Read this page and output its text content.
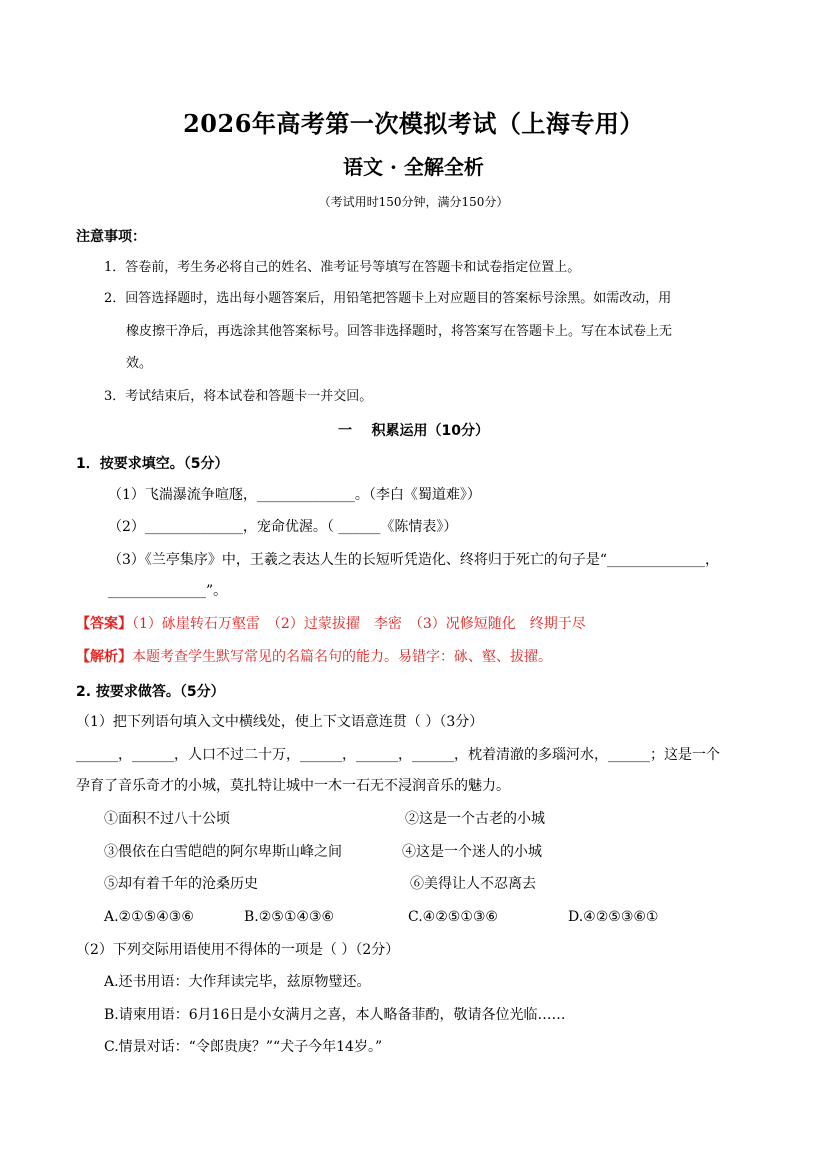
2026年高考第一次模拟考试（上海专用）
语文 · 全解全析
（考试用时150分钟，满分150分）
注意事项：
1．答卷前，考生务必将自己的姓名、准考证号等填写在答题卡和试卷指定位置上。
2．回答选择题时，选出每小题答案后，用铅笔把答题卡上对应题目的答案标号涂黑。如需改动，用
橡皮擦干净后，再选涂其他答案标号。回答非选择题时，将答案写在答题卡上。写在本试卷上无
效。
3．考试结束后，将本试卷和答题卡一并交回。
一    积累运用（10分）
1．按要求填空。（5分）
（1）飞湍瀑流争喧豗，______________。（李白《蜀道难》）
（2）______________，宠命优渥。（ ______《陈情表》）
（3）《兰亭集序》中，王羲之表达人生的长短听凭造化、终将归于死亡的句子是“______________，
______________”。
【答案】（1）砯崖转石万壑雷　（2）过蒙拔擢　李密　（3）况修短随化　终期于尽
【解析】本题考查学生默写常见的名篇名句的能力。易错字：砯、壑、拔擢。
2. 按要求做答。（5分）
（1）把下列语句填入文中横线处，使上下文语意连贯（ ）（3分）
______，______，人口不过二十万，______，______，______，枕着清澈的多瑙河水，______；这是一个
孕育了音乐奇才的小城，莫扎特让城中一木一石无不浸润音乐的魅力。
①面积不过八十公顷	②这是一个古老的小城
③偎依在白雪皑皑的阿尔卑斯山峰之间	④这是一个迷人的小城
⑤却有着千年的沧桑历史	⑥美得让人不忍离去
A.②①⑤④③⑥	B.②⑤①④③⑥	C.④②⑤①③⑥	D.④②⑤③⑥①
（2）下列交际用语使用不得体的一项是（ ）（2分）
A.还书用语：大作拜读完毕，兹原物璧还。
B.请柬用语：6月16日是小女满月之喜，本人略备菲酌，敬请各位光临……
C.情景对话：“令郎贵庚？”“犬子今年14岁。”
